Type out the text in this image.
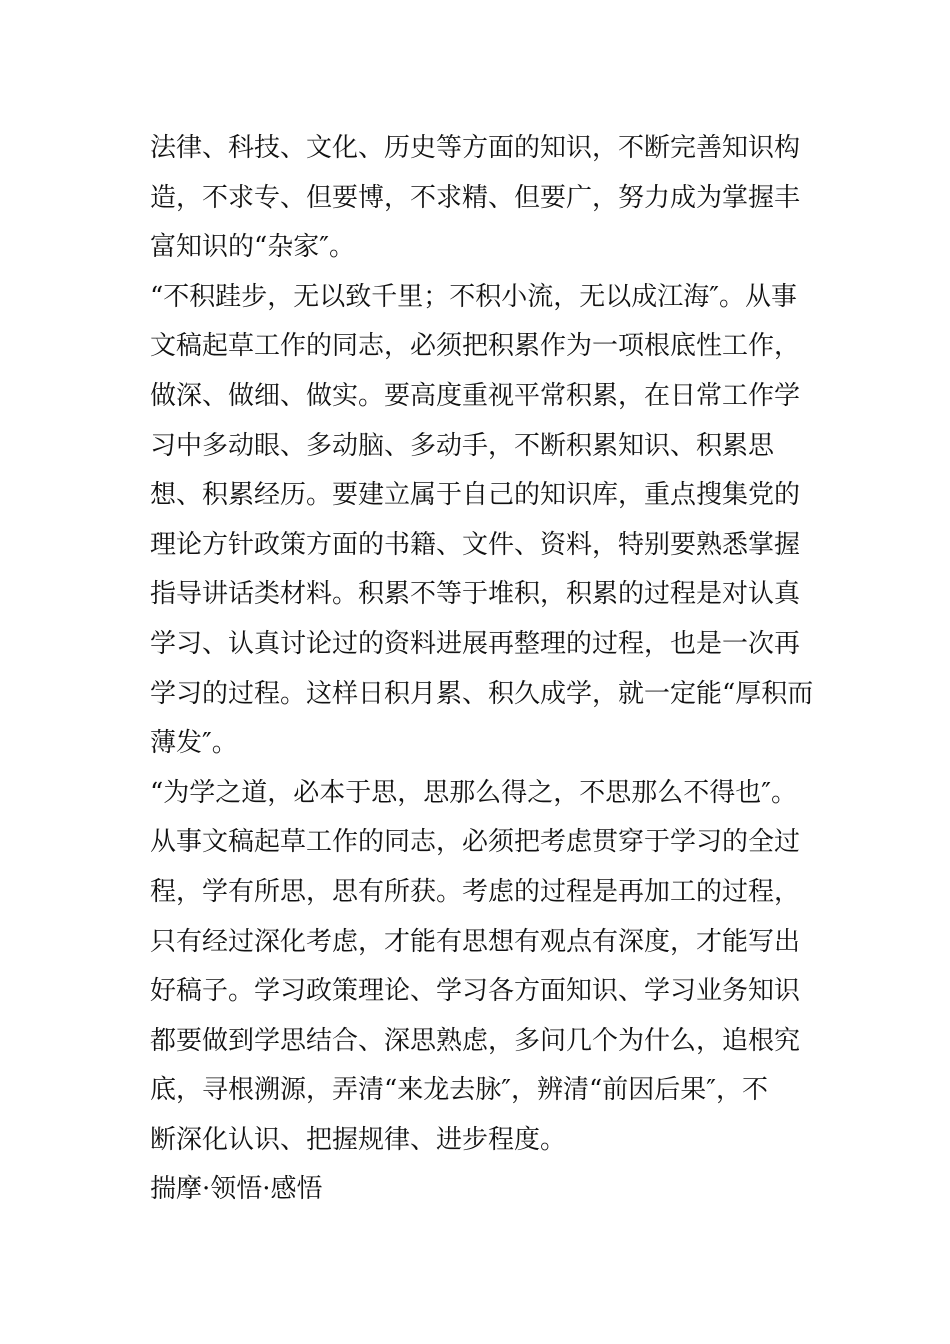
法律、科技、文化、历史等方面的知识，不断完善知识构
造，不求专、但要博，不求精、但要广，努力成为掌握丰
富知识的“杂家″。
“不积跬步，无以致千里；不积小流，无以成江海″。从事
文稿起草工作的同志，必须把积累作为一项根底性工作，
做深、做细、做实。要高度重视平常积累，在日常工作学
习中多动眼、多动脑、多动手，不断积累知识、积累思
想、积累经历。要建立属于自己的知识库，重点搜集党的
理论方针政策方面的书籍、文件、资料，特别要熟悉掌握
指导讲话类材料。积累不等于堆积，积累的过程是对认真
学习、认真讨论过的资料进展再整理的过程，也是一次再
学习的过程。这样日积月累、积久成学，就一定能“厚积而
薄发″。
“为学之道，必本于思，思那么得之，不思那么不得也″。
从事文稿起草工作的同志，必须把考虑贯穿于学习的全过
程，学有所思，思有所获。考虑的过程是再加工的过程，
只有经过深化考虑，才能有思想有观点有深度，才能写出
好稿子。学习政策理论、学习各方面知识、学习业务知识
都要做到学思结合、深思熟虑，多问几个为什么，追根究
底，寻根溯源，弄清“来龙去脉″，辨清“前因后果″，不
断深化认识、把握规律、进步程度。
揣摩·领悟·感悟
